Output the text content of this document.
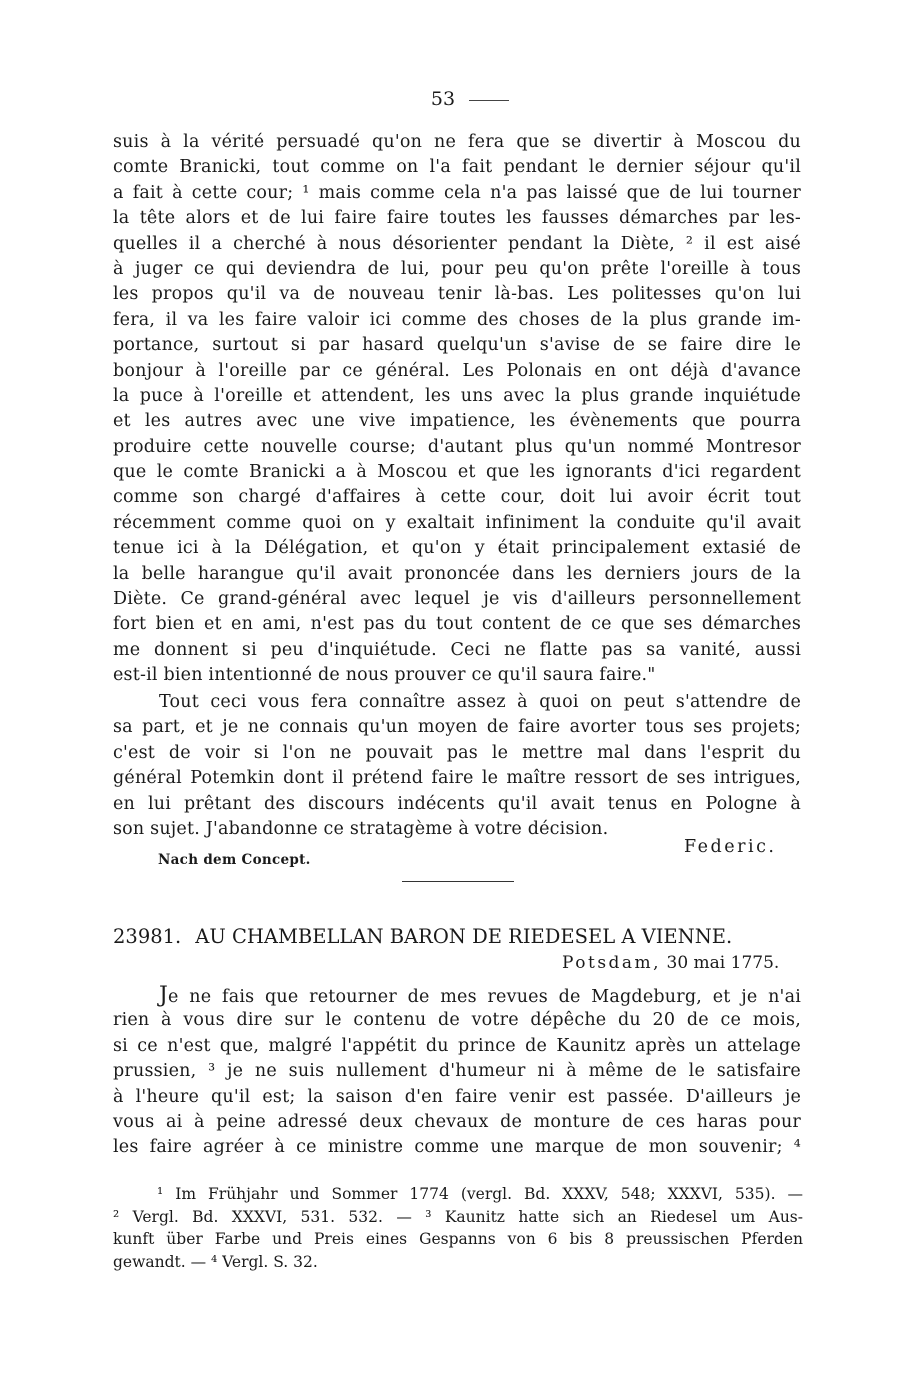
53
suis à la vérité persuadé qu'on ne fera que se divertir à Moscou du
comte Branicki, tout comme on l'a fait pendant le dernier séjour qu'il
a fait à cette cour; ¹ mais comme cela n'a pas laissé que de lui tourner
la tête alors et de lui faire faire toutes les fausses démarches par les-
quelles il a cherché à nous désorienter pendant la Diète, ² il est aisé
à juger ce qui deviendra de lui, pour peu qu'on prête l'oreille à tous
les propos qu'il va de nouveau tenir là-bas. Les politesses qu'on lui
fera, il va les faire valoir ici comme des choses de la plus grande im-
portance, surtout si par hasard quelqu'un s'avise de se faire dire le
bonjour à l'oreille par ce général. Les Polonais en ont déjà d'avance
la puce à l'oreille et attendent, les uns avec la plus grande inquiétude
et les autres avec une vive impatience, les évènements que pourra
produire cette nouvelle course; d'autant plus qu'un nommé Montresor
que le comte Branicki a à Moscou et que les ignorants d'ici regardent
comme son chargé d'affaires à cette cour, doit lui avoir écrit tout
récemment comme quoi on y exaltait infiniment la conduite qu'il avait
tenue ici à la Délégation, et qu'on y était principalement extasié de
la belle harangue qu'il avait prononcée dans les derniers jours de la
Diète. Ce grand-général avec lequel je vis d'ailleurs personnellement
fort bien et en ami, n'est pas du tout content de ce que ses démarches
me donnent si peu d'inquiétude. Ceci ne flatte pas sa vanité, aussi
est-il bien intentionné de nous prouver ce qu'il saura faire."
Tout ceci vous fera connaître assez à quoi on peut s'attendre de
sa part, et je ne connais qu'un moyen de faire avorter tous ses projets;
c'est de voir si l'on ne pouvait pas le mettre mal dans l'esprit du
général Potemkin dont il prétend faire le maître ressort de ses intrigues,
en lui prêtant des discours indécents qu'il avait tenus en Pologne à
son sujet. J'abandonne ce stratagème à votre décision.
Federic.
Nach dem Concept.
23981. AU CHAMBELLAN BARON DE RIEDESEL A VIENNE.
Potsdam, 30 mai 1775.
Je ne fais que retourner de mes revues de Magdeburg, et je n'ai
rien à vous dire sur le contenu de votre dépêche du 20 de ce mois,
si ce n'est que, malgré l'appétit du prince de Kaunitz après un attelage
prussien, ³ je ne suis nullement d'humeur ni à même de le satisfaire
à l'heure qu'il est; la saison d'en faire venir est passée. D'ailleurs je
vous ai à peine adressé deux chevaux de monture de ces haras pour
les faire agréer à ce ministre comme une marque de mon souvenir; ⁴
¹ Im Frühjahr und Sommer 1774 (vergl. Bd. XXXV, 548; XXXVI, 535). —
² Vergl. Bd. XXXVI, 531. 532. — ³ Kaunitz hatte sich an Riedesel um Aus-
kunft über Farbe und Preis eines Gespanns von 6 bis 8 preussischen Pferden
gewandt. — ⁴ Vergl. S. 32.
